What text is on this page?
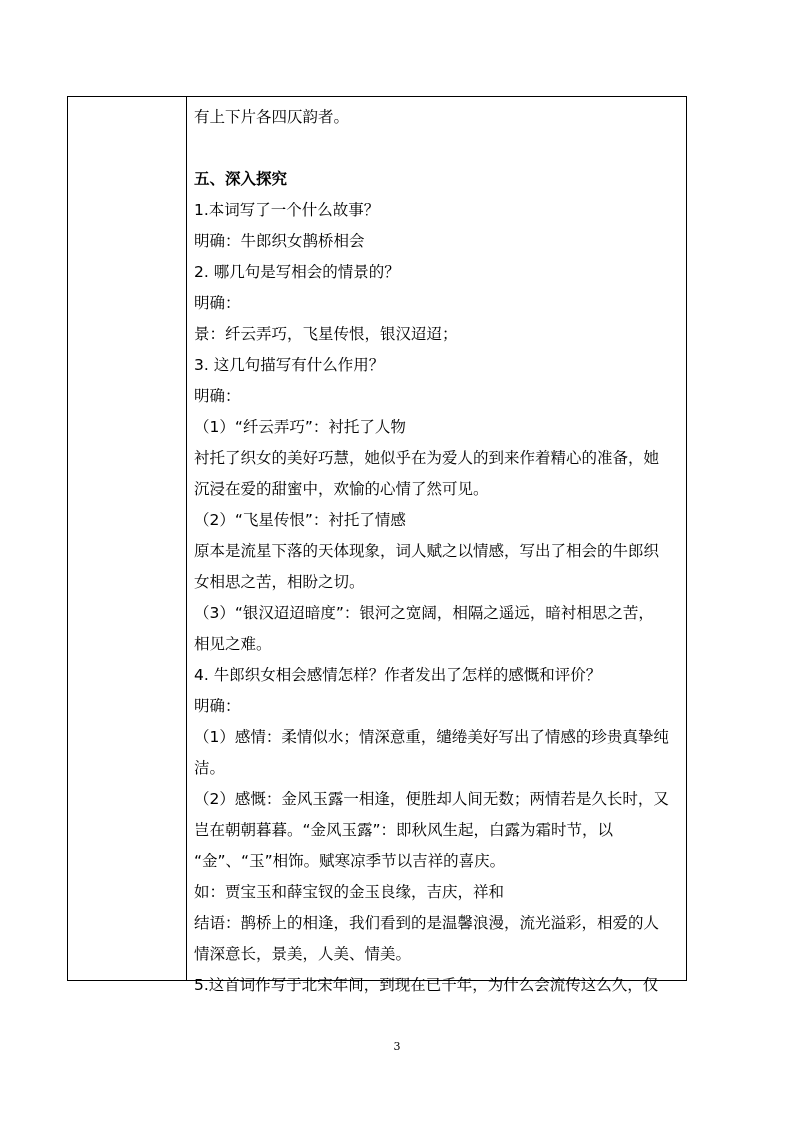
有上下片各四仄韵者。
五、深入探究
1.本词写了一个什么故事？
明确：牛郎织女鹊桥相会
2. 哪几句是写相会的情景的？
明确：
景：纤云弄巧，飞星传恨，银汉迢迢；
3. 这几句描写有什么作用？
明确：
（1）“纤云弄巧”：衬托了人物
衬托了织女的美好巧慧，她似乎在为爱人的到来作着精心的准备，她
沉浸在爱的甜蜜中，欢愉的心情了然可见。
（2）“飞星传恨”：衬托了情感
原本是流星下落的天体现象，词人赋之以情感，写出了相会的牛郎织
女相思之苦，相盼之切。
（3）“银汉迢迢暗度”：银河之宽阔，相隔之遥远，暗衬相思之苦，
相见之难。
4. 牛郎织女相会感情怎样？作者发出了怎样的感慨和评价？
明确：
（1）感情：柔情似水；情深意重，缱绻美好写出了情感的珍贵真挚纯
洁。
（2）感慨：金风玉露一相逢，便胜却人间无数；两情若是久长时，又
岂在朝朝暮暮。“金风玉露”：即秋风生起，白露为霜时节，以
“金”、“玉”相饰。赋寒凉季节以吉祥的喜庆。
如：贾宝玉和薛宝钗的金玉良缘，吉庆，祥和
结语：鹊桥上的相逢，我们看到的是温馨浪漫，流光溢彩，相爱的人
情深意长，景美，人美、情美。
5.这首词作写于北宋年间，到现在已千年，为什么会流传这么久，仅
3
